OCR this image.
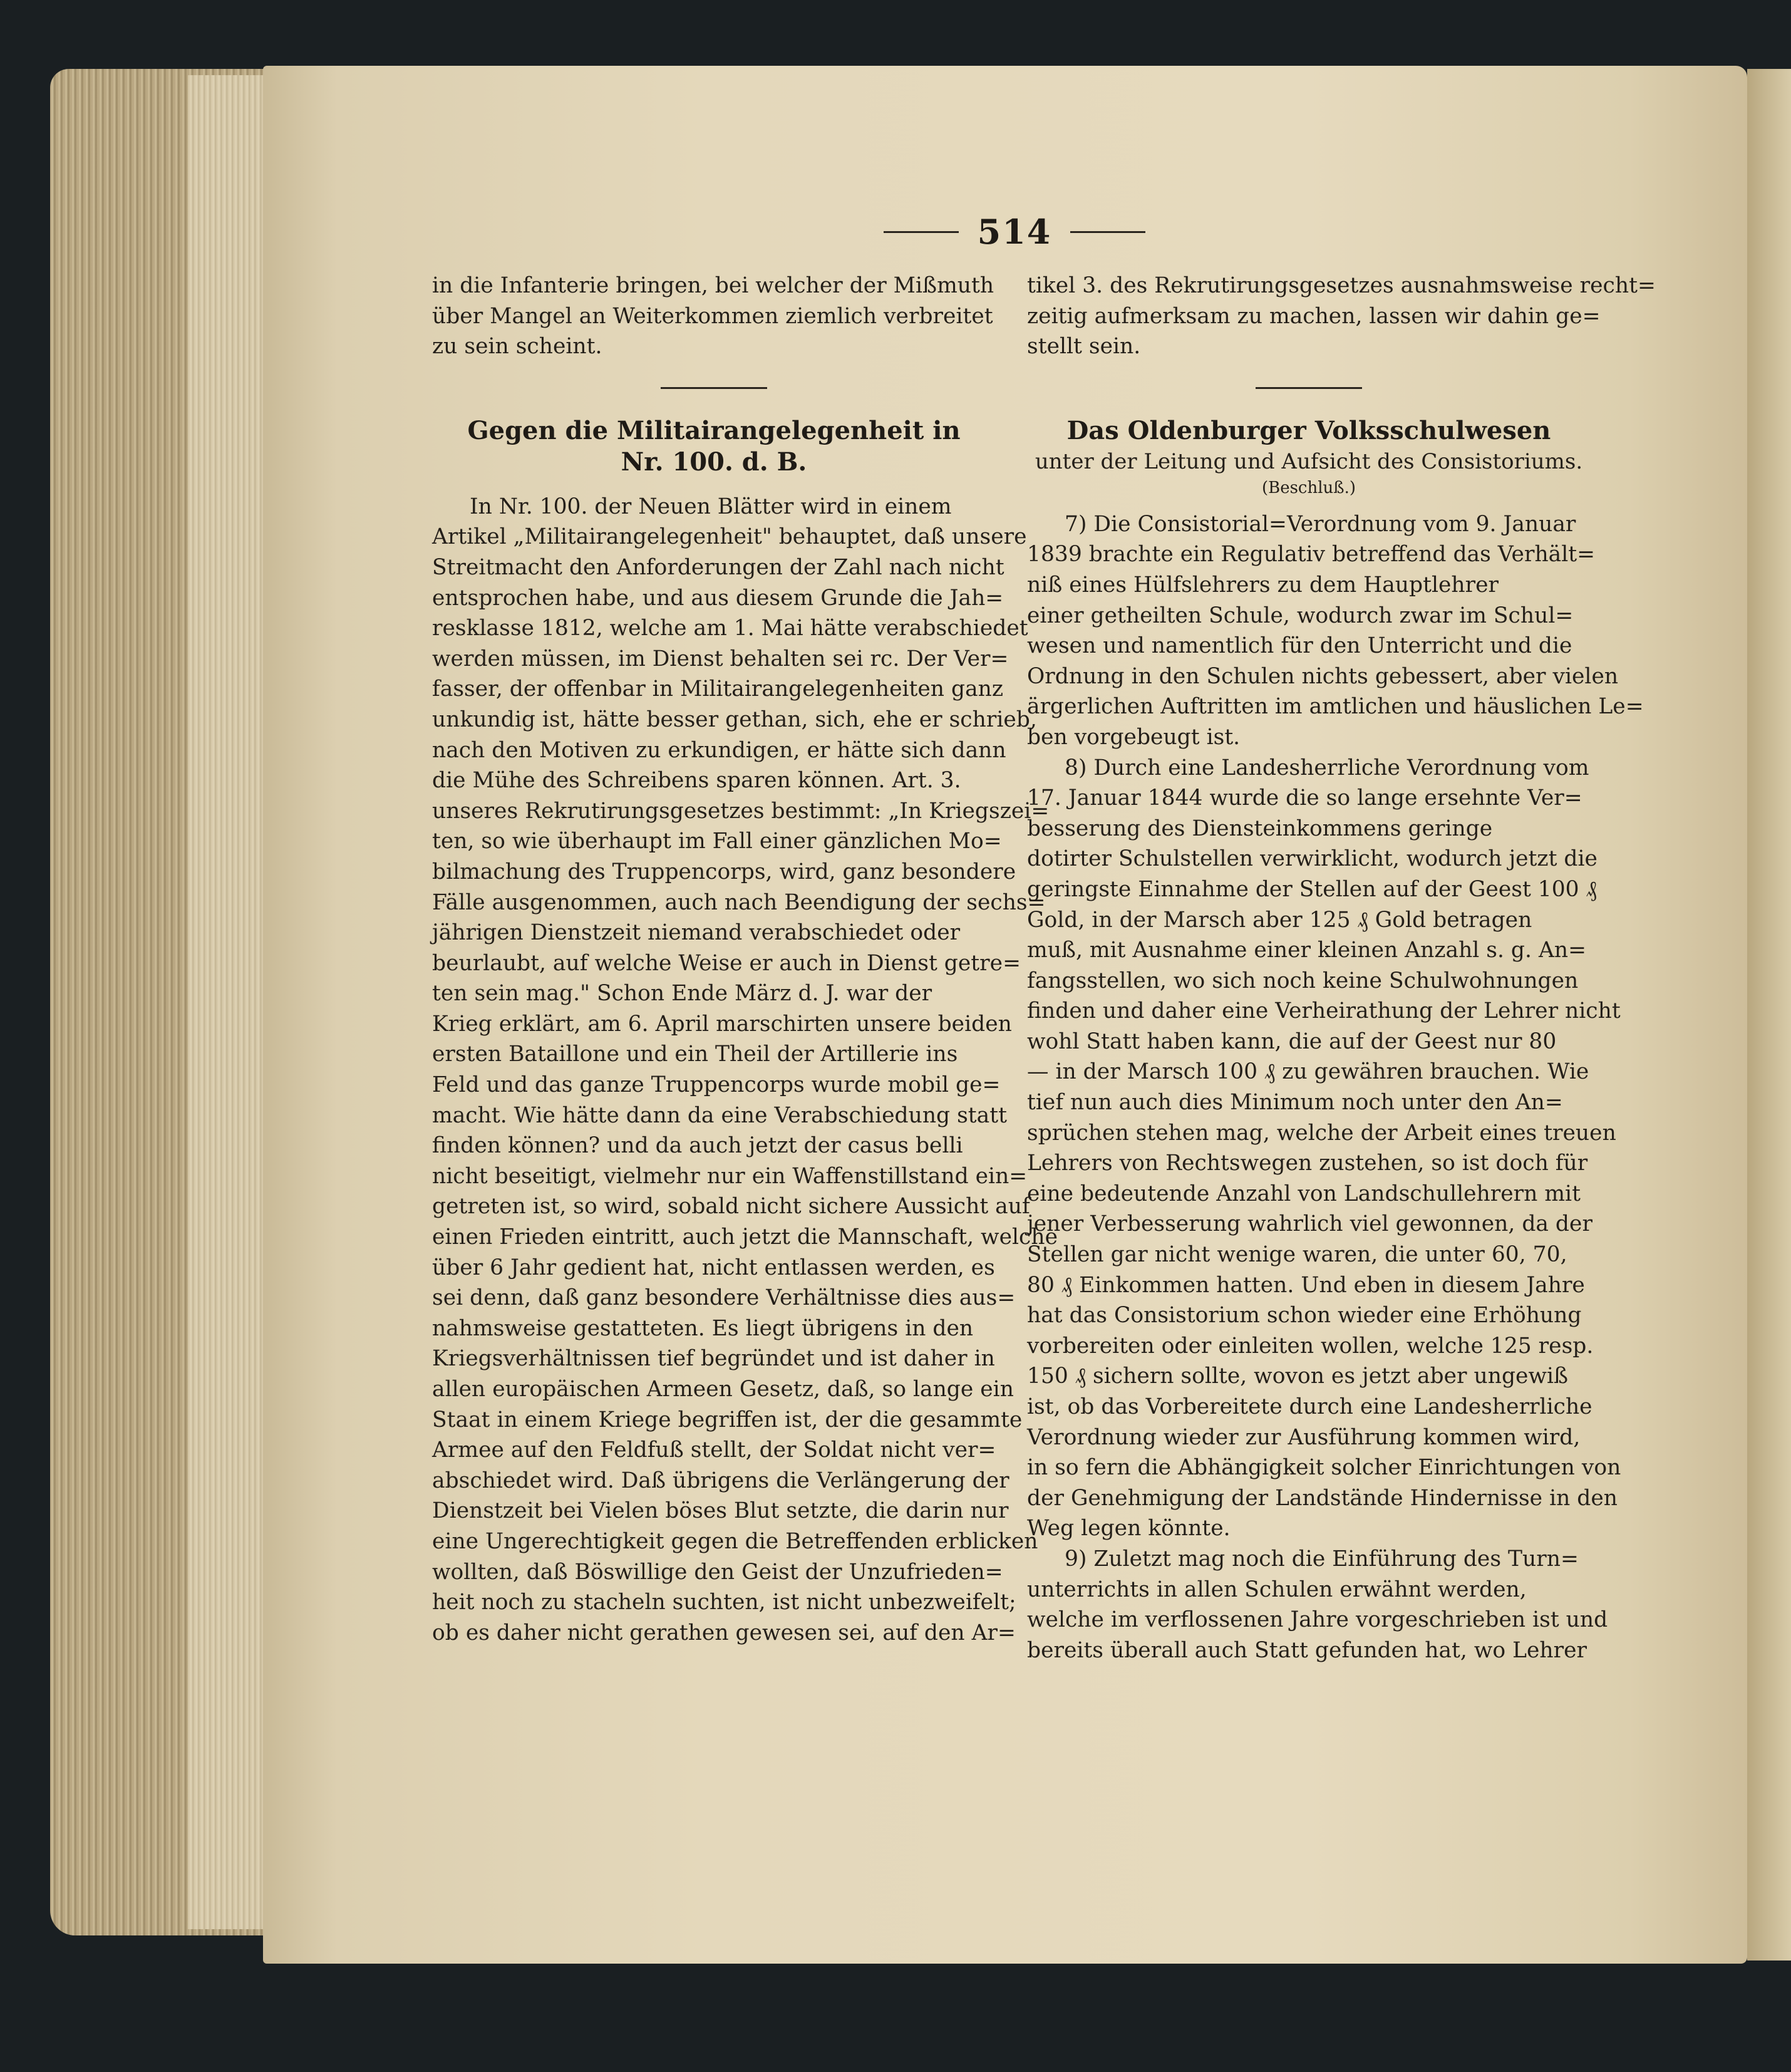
514

in die Infanterie bringen, bei welcher der Mißmuth
über Mangel an Weiterkommen ziemlich verbreitet
zu sein scheint.

Gegen die Militairangelegenheit in
Nr. 100. d. B.

In Nr. 100. der Neuen Blätter wird in einem
Artikel „Militairangelegenheit" behauptet, daß unsere
Streitmacht den Anforderungen der Zahl nach nicht
entsprochen habe, und aus diesem Grunde die Jah=
resklasse 1812, welche am 1. Mai hätte verabschiedet
werden müssen, im Dienst behalten sei rc. Der Ver=
fasser, der offenbar in Militairangelegenheiten ganz
unkundig ist, hätte besser gethan, sich, ehe er schrieb,
nach den Motiven zu erkundigen, er hätte sich dann
die Mühe des Schreibens sparen können. Art. 3.
unseres Rekrutirungsgesetzes bestimmt: „In Kriegszei=
ten, so wie überhaupt im Fall einer gänzlichen Mo=
bilmachung des Truppencorps, wird, ganz besondere
Fälle ausgenommen, auch nach Beendigung der sechs=
jährigen Dienstzeit niemand verabschiedet oder
beurlaubt, auf welche Weise er auch in Dienst getre=
ten sein mag." Schon Ende März d. J. war der
Krieg erklärt, am 6. April marschirten unsere beiden
ersten Bataillone und ein Theil der Artillerie ins
Feld und das ganze Truppencorps wurde mobil ge=
macht. Wie hätte dann da eine Verabschiedung statt
finden können? und da auch jetzt der casus belli
nicht beseitigt, vielmehr nur ein Waffenstillstand ein=
getreten ist, so wird, sobald nicht sichere Aussicht auf
einen Frieden eintritt, auch jetzt die Mannschaft, welche
über 6 Jahr gedient hat, nicht entlassen werden, es
sei denn, daß ganz besondere Verhältnisse dies aus=
nahmsweise gestatteten. Es liegt übrigens in den
Kriegsverhältnissen tief begründet und ist daher in
allen europäischen Armeen Gesetz, daß, so lange ein
Staat in einem Kriege begriffen ist, der die gesammte
Armee auf den Feldfuß stellt, der Soldat nicht ver=
abschiedet wird. Daß übrigens die Verlängerung der
Dienstzeit bei Vielen böses Blut setzte, die darin nur
eine Ungerechtigkeit gegen die Betreffenden erblicken
wollten, daß Böswillige den Geist der Unzufrieden=
heit noch zu stacheln suchten, ist nicht unbezweifelt;
ob es daher nicht gerathen gewesen sei, auf den Ar=

tikel 3. des Rekrutirungsgesetzes ausnahmsweise recht=
zeitig aufmerksam zu machen, lassen wir dahin ge=
stellt sein.

Das Oldenburger Volksschulwesen
unter der Leitung und Aufsicht des Consistoriums.
(Beschluß.)

7) Die Consistorial=Verordnung vom 9. Januar
1839 brachte ein Regulativ betreffend das Verhält=
niß eines Hülfslehrers zu dem Hauptlehrer
einer getheilten Schule, wodurch zwar im Schul=
wesen und namentlich für den Unterricht und die
Ordnung in den Schulen nichts gebessert, aber vielen
ärgerlichen Auftritten im amtlichen und häuslichen Le=
ben vorgebeugt ist.

8) Durch eine Landesherrliche Verordnung vom
17. Januar 1844 wurde die so lange ersehnte Ver=
besserung des Diensteinkommens geringe
dotirter Schulstellen verwirklicht, wodurch jetzt die
geringste Einnahme der Stellen auf der Geest 100 ₰
Gold, in der Marsch aber 125 ₰ Gold betragen
muß, mit Ausnahme einer kleinen Anzahl s. g. An=
fangsstellen, wo sich noch keine Schulwohnungen
finden und daher eine Verheirathung der Lehrer nicht
wohl Statt haben kann, die auf der Geest nur 80
— in der Marsch 100 ₰ zu gewähren brauchen. Wie
tief nun auch dies Minimum noch unter den An=
sprüchen stehen mag, welche der Arbeit eines treuen
Lehrers von Rechtswegen zustehen, so ist doch für
eine bedeutende Anzahl von Landschullehrern mit
jener Verbesserung wahrlich viel gewonnen, da der
Stellen gar nicht wenige waren, die unter 60, 70,
80 ₰ Einkommen hatten. Und eben in diesem Jahre
hat das Consistorium schon wieder eine Erhöhung
vorbereiten oder einleiten wollen, welche 125 resp.
150 ₰ sichern sollte, wovon es jetzt aber ungewiß
ist, ob das Vorbereitete durch eine Landesherrliche
Verordnung wieder zur Ausführung kommen wird,
in so fern die Abhängigkeit solcher Einrichtungen von
der Genehmigung der Landstände Hindernisse in den
Weg legen könnte.

9) Zuletzt mag noch die Einführung des Turn=
unterrichts in allen Schulen erwähnt werden,
welche im verflossenen Jahre vorgeschrieben ist und
bereits überall auch Statt gefunden hat, wo Lehrer
